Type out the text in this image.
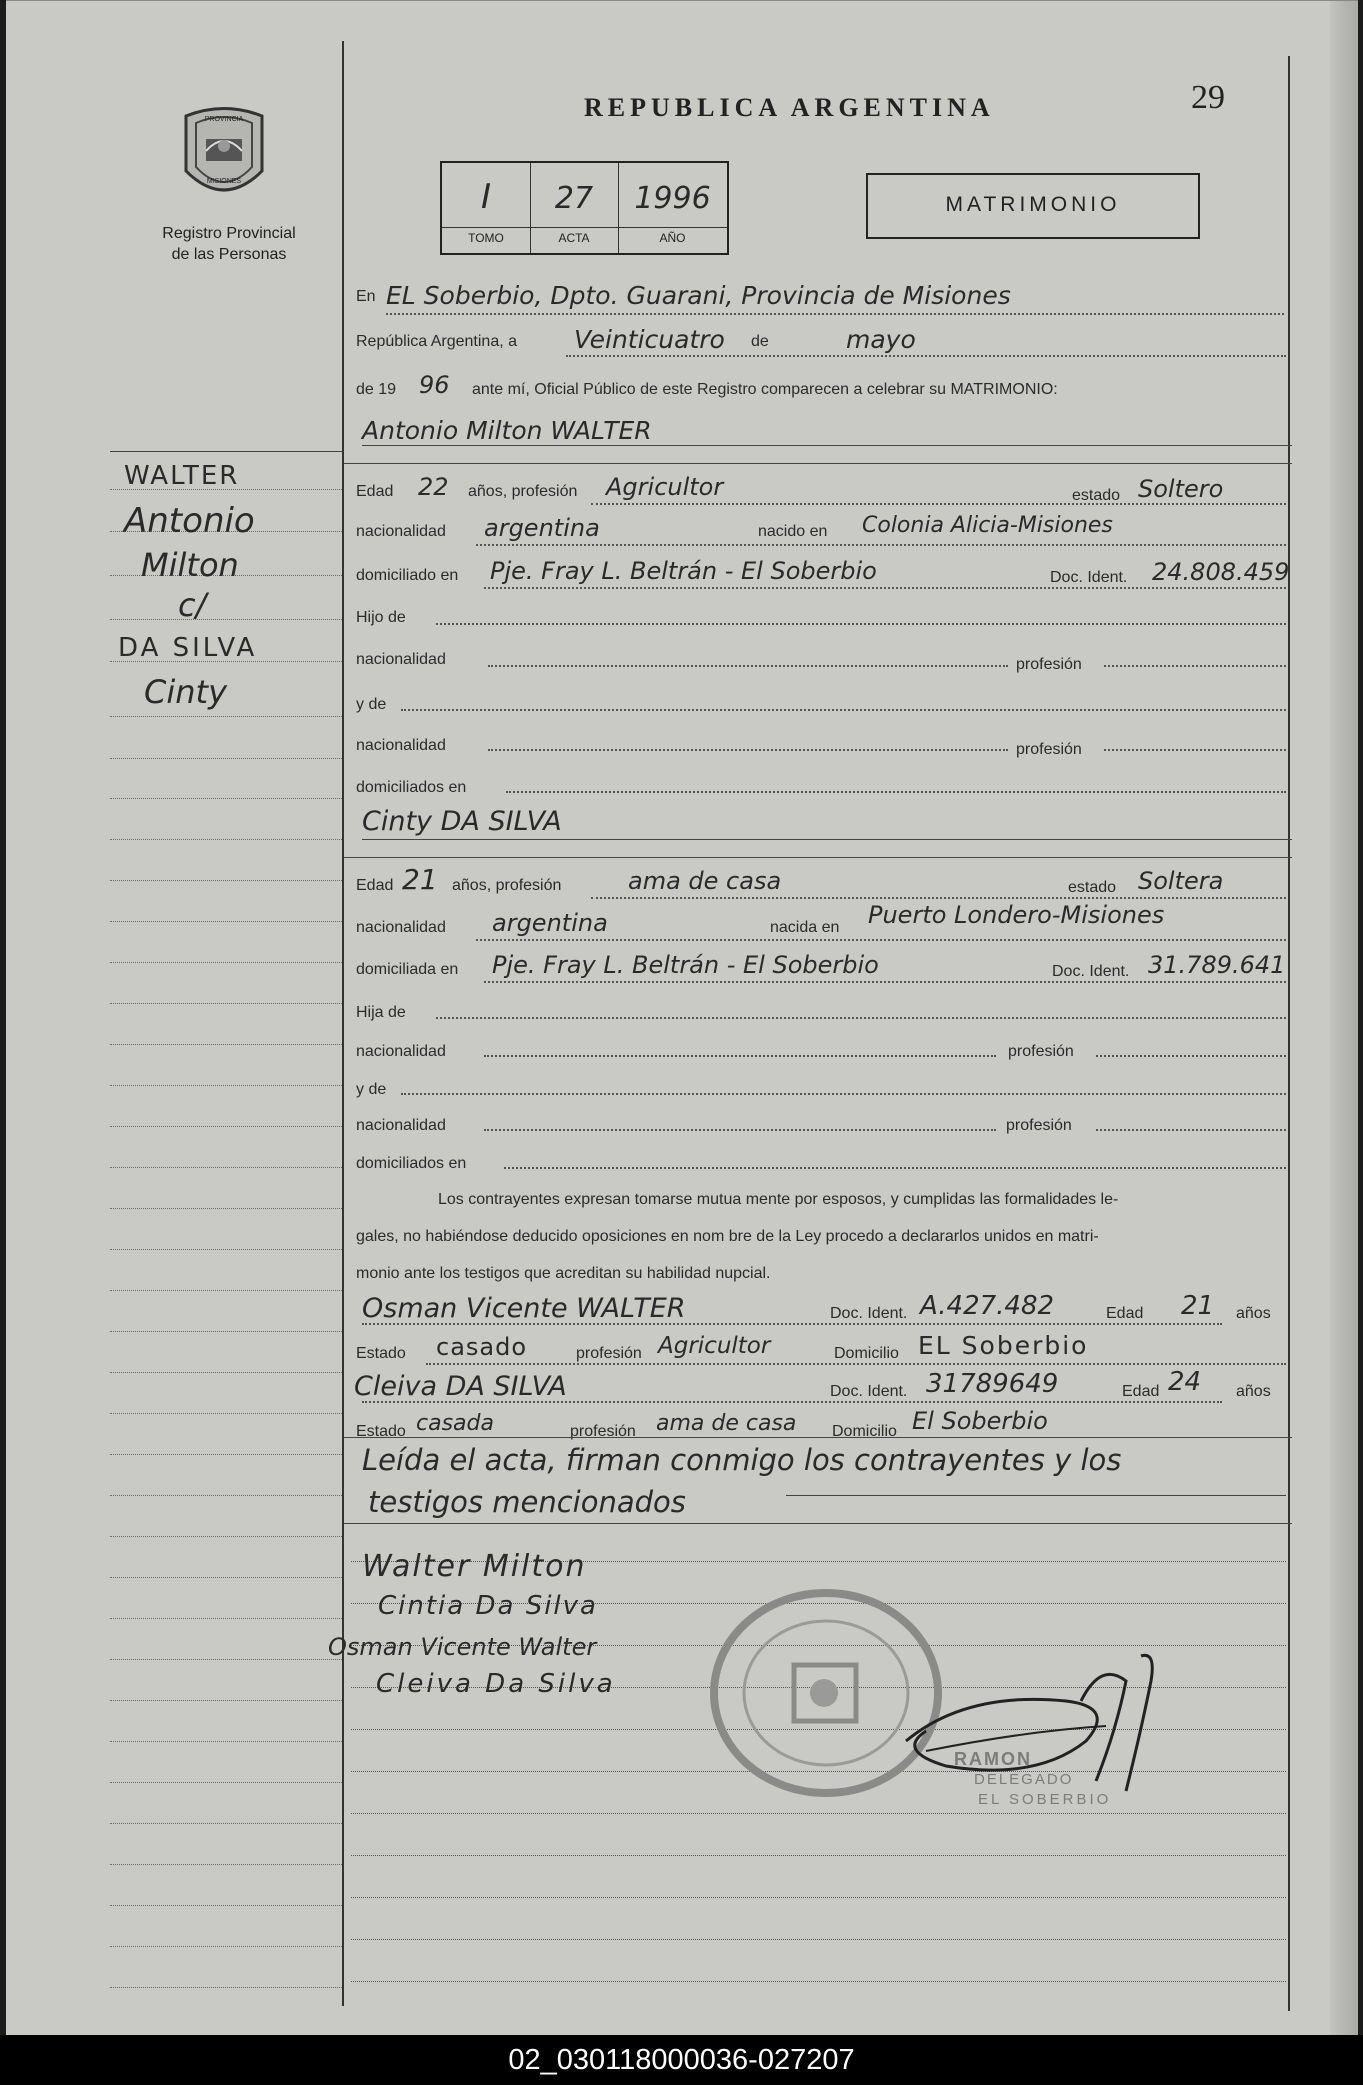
PROVINCIA
MISIONES
Registro Provincial
de las Personas
REPUBLICA ARGENTINA	29
I	27	1996
TOMO	ACTA	AÑO
MATRIMONIO
WALTER
Antonio
Milton
c/
DA SILVA
Cinty
En EL Soberbio, Dpto. Guarani, Provincia de Misiones
República Argentina, a Veinticuatro de	mayo
de 19 96 ante mí, Oficial Público de este Registro comparecen a celebrar su MATRIMONIO:
Antonio Milton WALTER
Edad 22 años, profesión Agricultor	estado Soltero
nacionalidad argentina	nacido en Colonia Alicia-Misiones
domiciliado en Pje. Fray L. Beltrán - El Soberbio	Doc. Ident. 24.808.459
Hijo de
nacionalidad	profesión
y de
nacionalidad	profesión
domiciliados en
Cinty DA SILVA
Edad 21 años, profesión	ama de casa	estado Soltera
nacionalidad argentina	nacida en Puerto Londero-Misiones
domiciliada en Pje. Fray L. Beltrán - El Soberbio	Doc. Ident. 31.789.641
Hija de
nacionalidad	profesión
y de
nacionalidad	profesión
domiciliados en
Los contrayentes expresan tomarse mutua mente por esposos, y cumplidas las formalidades le-
gales, no habiéndose deducido oposiciones en nom bre de la Ley procedo a declararlos unidos en matri-
monio ante los testigos que acreditan su habilidad nupcial.
Osman Vicente WALTER	Doc. Ident. A.427.482	Edad 21 años
Estado casado	profesión Agricultor	Domicilio EL Soberbio
Cleiva DA SILVA	Doc. Ident. 31789649	Edad 24 años
Estado casada	profesión ama de casa Domicilio El Soberbio
Leída el acta, firman conmigo los contrayentes y los
testigos mencionados
RAMON
DELEGADO
EL SOBERBIO
Walter Milton
Cintia Da Silva
Osman Vicente Walter
Cleiva Da Silva
02_030118000036-027207
